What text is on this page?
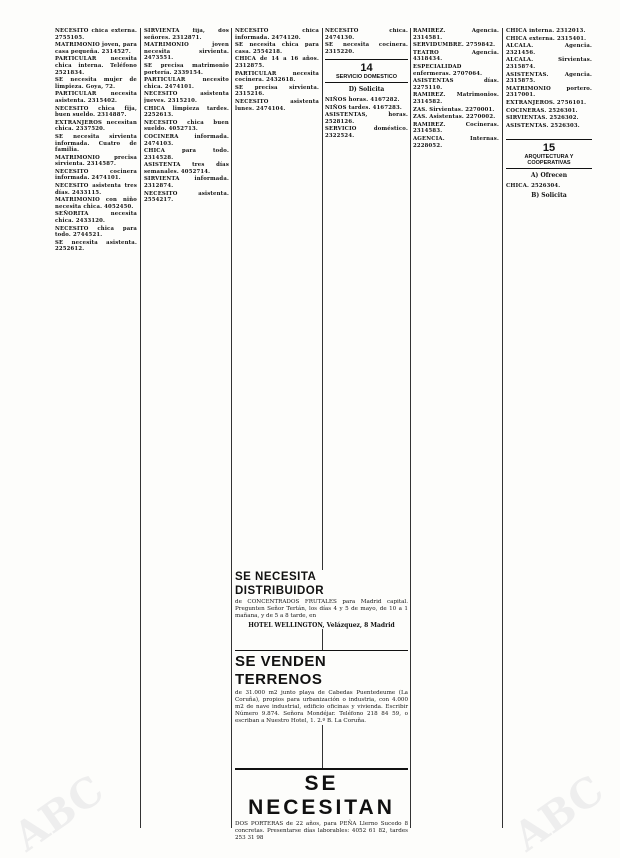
ABC	ABC

NECESITO chica externa. 2755105.

MATRIMONIO joven, para casa pequeña. 2314527.

PARTICULAR necesita chica interna. Teléfono 2521834.

SE necesita mujer de limpieza. Goya, 72.

PARTICULAR necesita asistenta. 2315402.

NECESITO chica fija, buen sueldo. 2314887.

EXTRANJEROS necesitan chica. 2337520.

SE necesita sirvienta informada. Cuatro de familia.

MATRIMONIO precisa sirvienta. 2314587.

NECESITO cocinera informada. 2474101.

NECESITO asistenta tres días. 2433115.

MATRIMONIO con niño necesita chica. 4052450.

SEÑORITA necesita chica. 2433120.

NECESITO chica para todo. 2744521.

SE necesita asistenta. 2252612.

SIRVIENTA fija, dos señores. 2312871.

MATRIMONIO joven necesita sirvienta. 2473551.

SE precisa matrimonio portería. 2339154.

PARTICULAR necesito chica. 2474101.

NECESITO asistenta jueves. 2315210.

CHICA limpieza tardes. 2252613.

NECESITO chica buen sueldo. 4052713.

COCINERA informada. 2474103.

CHICA para todo. 2314528.

ASISTENTA tres días semanales. 4052714.

SIRVIENTA informada. 2312874.

NECESITO asistenta. 2554217.

NECESITO chica informada. 2474120.

SE necesita chica para casa. 2554218.

CHICA de 14 a 16 años. 2312875.

PARTICULAR necesita cocinera. 2432618.

SE precisa sirvienta. 2315216.

NECESITO asistenta lunes. 2474104.

NECESITO chica. 2474130.

SE necesita cocinera. 2315220.

14
SERVICIO DOMESTICO
D) Solicita

NIÑOS horas. 4167282.

NIÑOS tardes. 4167283.

ASISTENTAS, horas. 2528126.

SERVICIO doméstico. 2322524.

RAMIREZ. Agencia. 2314581.

SERVIDUMBRE. 2759842.

TEATRO Agencia. 4318434.

ESPECIALIDAD enfermeras. 2707064.

ASISTENTAS días. 2275110.

RAMIREZ. Matrimonios. 2314582.

ZAS. Sirvientas. 2270001.

ZAS. Asistentas. 2270002.

RAMIREZ. Cocineras. 2314583.

AGENCIA. Internas. 2228052.

CHICA interna. 2312013.

CHICA externa. 2315401.

ALCALA. Agencia. 2321456.

ALCALA. Sirvientas. 2315874.

ASISTENTAS. Agencia. 2315875.

MATRIMONIO portero. 2317001.

EXTRANJEROS. 2756101.

COCINERAS. 2526301.

SIRVIENTAS. 2526302.

ASISTENTAS. 2526303.

15
ARQUITECTURA Y COOPERATIVAS
A) Ofrecen

CHICA. 2526304.

B) Solicita
SE NECESITA DISTRIBUIDOR

de CONCENTRADOS FRUTALES para Madrid capital. Pregunten Señor Tertán, los días 4 y 5 de mayo, de 10 a 1 mañana, y de 5 a 8 tarde, en

HOTEL WELLINGTON, Velázquez, 8 Madrid
SE VENDEN TERRENOS

de 31.000 m2 junto playa de Cabedas Puentedeume (La Coruña), propios para urbanización o industria, con 4.000 m2 de nave industrial, edificio oficinas y vivienda. Escribir Número 9.874. Señora Mondéjar. Teléfono 218 84 59, o escriban a Nuestro Hotel, 1. 2.º B. La Coruña.

SE NECESITAN

DOS PORTERAS de 22 años, para PEÑA Llerno Sucedo 8 concretas. Presentarse días laborables: 4052 61 82, tardes 253 31 98
